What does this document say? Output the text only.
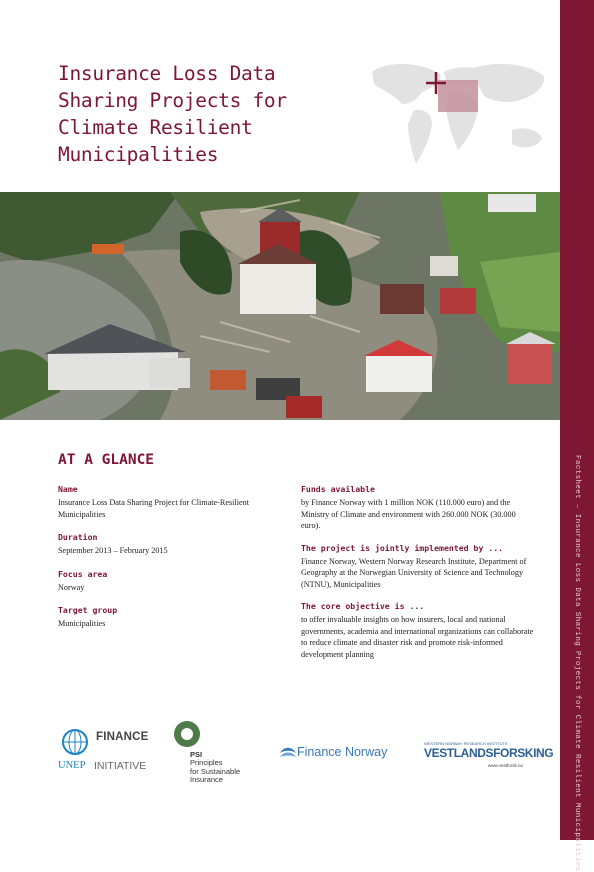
Factsheet – Insurance Loss Data Sharing Projects for Climate Resilient Municipalities
Insurance Loss Data
Sharing Projects for
Climate Resilient
Municipalities
AT A GLANCE
Name
Insurance Loss Data Sharing Project for Climate-Resilient Municipalities
Duration
September 2013 – February 2015
Focus area
Norway
Target group
Municipalities
Funds available
by Finance Norway with 1 million NOK (110.000 euro) and the Ministry of Climate and environment with 260.000 NOK (30.000 euro).
The project is jointly implemented by ...
Finance Norway, Western Norway Research Institute, Department of Geography at the Norwegian University of Science and Technology (NTNU), Municipalities
The core objective is ...
to offer invaluable insights on how insurers, local and national governments, academia and international organizations can collaborate to reduce climate and disaster risk and promote risk-informed development planning
FINANCE
UNEP INITIATIVE
PSI
Principles
for Sustainable
Insurance
Finance Norway
WESTERN NORWAY RESEARCH INSTITUTE
VESTLANDSFORSKING
www.vestforsk.no
